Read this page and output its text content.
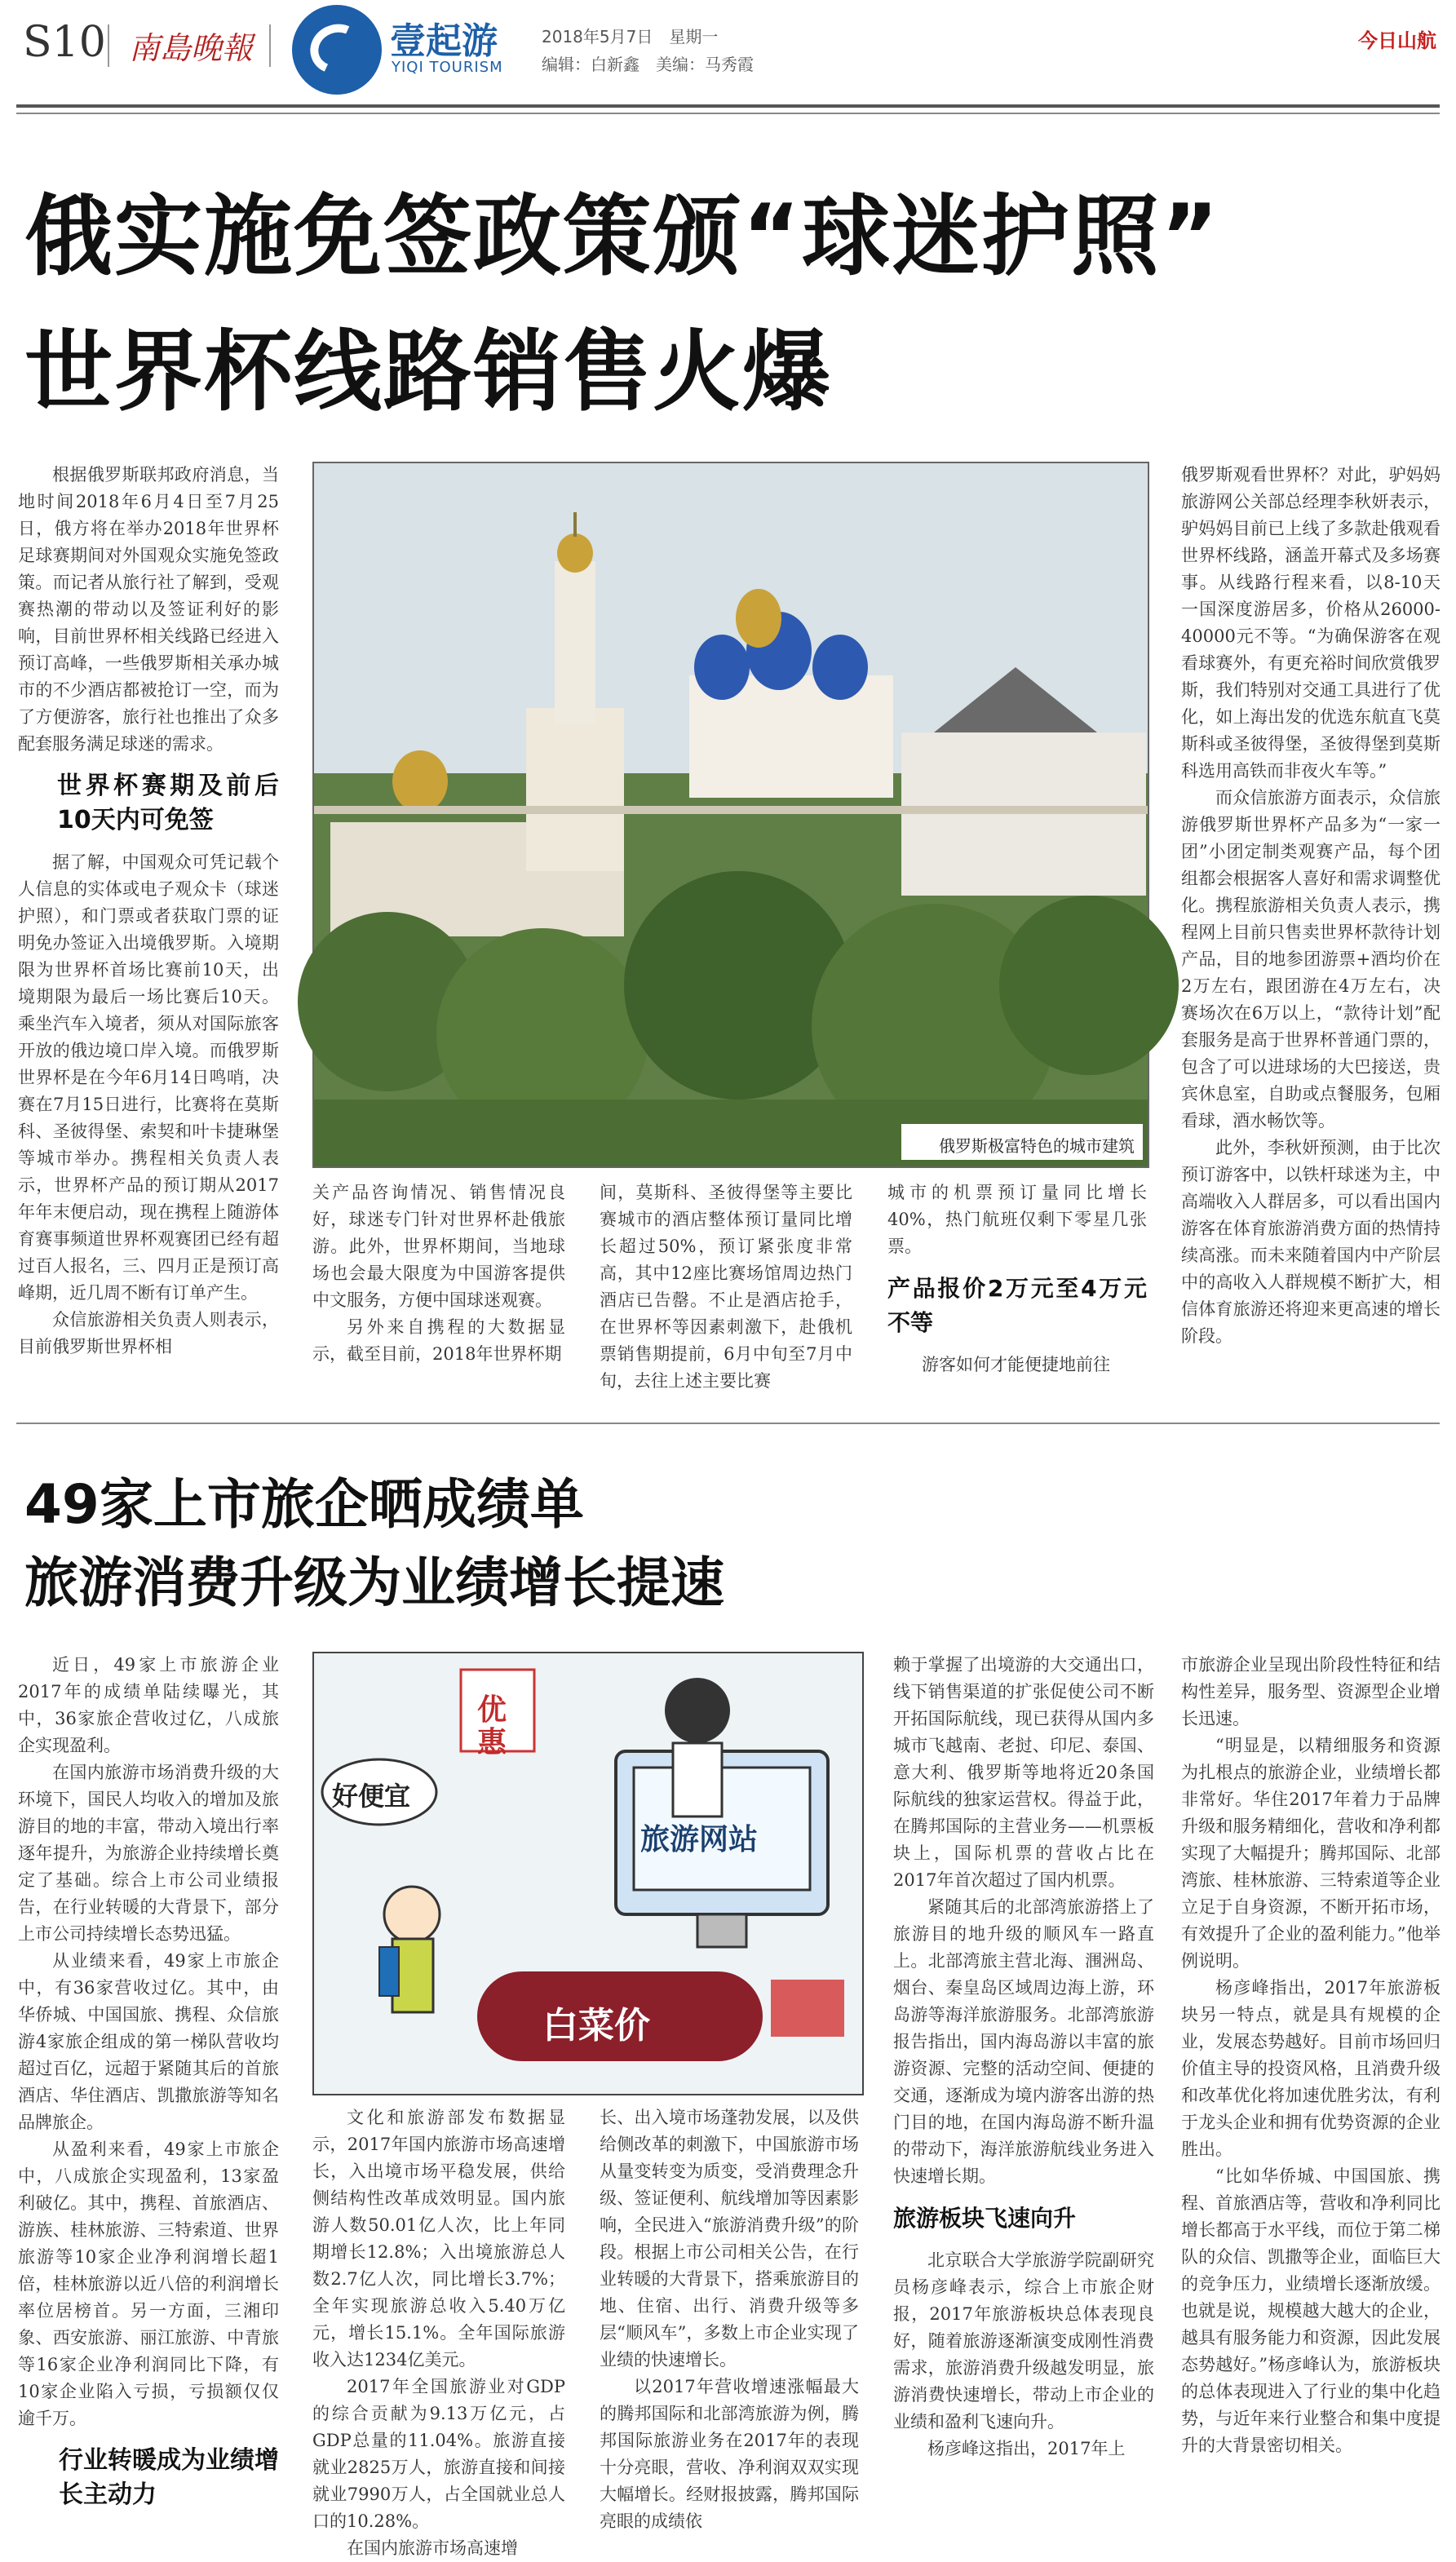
S10 南島晚報	壹起游
YIQI TOURISM
2018年5月7日　星期一
编辑：白新鑫　美编：马秀霞
今日山航
俄实施免签政策颁“球迷护照”
世界杯线路销售火爆

根据俄罗斯联邦政府消息，当地时间2018年6月4日至7月25日，俄方将在举办2018年世界杯足球赛期间对外国观众实施免签政策。而记者从旅行社了解到，受观赛热潮的带动以及签证利好的影响，目前世界杯相关线路已经进入预订高峰，一些俄罗斯相关承办城市的不少酒店都被抢订一空，而为了方便游客，旅行社也推出了众多配套服务满足球迷的需求。

世界杯赛期及前后10天内可免签

据了解，中国观众可凭记载个人信息的实体或电子观众卡（球迷护照），和门票或者获取门票的证明免办签证入出境俄罗斯。入境期限为世界杯首场比赛前10天，出境期限为最后一场比赛后10天。乘坐汽车入境者，须从对国际旅客开放的俄边境口岸入境。而俄罗斯世界杯是在今年6月14日鸣哨，决赛在7月15日进行，比赛将在莫斯科、圣彼得堡、索契和叶卡捷琳堡等城市举办。携程相关负责人表示，世界杯产品的预订期从2017年年末便启动，现在携程上随游体育赛事频道世界杯观赛团已经有超过百人报名，三、四月正是预订高峰期，近几周不断有订单产生。

众信旅游相关负责人则表示，目前俄罗斯世界杯相

俄罗斯极富特色的城市建筑

关产品咨询情况、销售情况良好，球迷专门针对世界杯赴俄旅游。此外，世界杯期间，当地球场也会最大限度为中国游客提供中文服务，方便中国球迷观赛。

另外来自携程的大数据显示，截至目前，2018年世界杯期

间，莫斯科、圣彼得堡等主要比赛城市的酒店整体预订量同比增长超过50%，预订紧张度非常高，其中12座比赛场馆周边热门酒店已告罄。不止是酒店抢手，在世界杯等因素刺激下，赴俄机票销售期提前，6月中旬至7月中旬，去往上述主要比赛

城市的机票预订量同比增长40%，热门航班仅剩下零星几张票。

产品报价2万元至4万元不等

游客如何才能便捷地前往

俄罗斯观看世界杯？对此，驴妈妈旅游网公关部总经理李秋妍表示，驴妈妈目前已上线了多款赴俄观看世界杯线路，涵盖开幕式及多场赛事。从线路行程来看，以8-10天一国深度游居多，价格从26000-40000元不等。“为确保游客在观看球赛外，有更充裕时间欣赏俄罗斯，我们特别对交通工具进行了优化，如上海出发的优选东航直飞莫斯科或圣彼得堡，圣彼得堡到莫斯科选用高铁而非夜火车等。”

而众信旅游方面表示，众信旅游俄罗斯世界杯产品多为“一家一团”小团定制类观赛产品，每个团组都会根据客人喜好和需求调整优化。携程旅游相关负责人表示，携程网上目前只售卖世界杯款待计划产品，目的地参团游票+酒均价在2万左右，跟团游在4万左右，决赛场次在6万以上，“款待计划”配套服务是高于世界杯普通门票的，包含了可以进球场的大巴接送，贵宾休息室，自助或点餐服务，包厢看球，酒水畅饮等。

此外，李秋妍预测，由于比次预订游客中，以铁杆球迷为主，中高端收入人群居多，可以看出国内游客在体育旅游消费方面的热情持续高涨。而未来随着国内中产阶层中的高收入人群规模不断扩大，相信体育旅游还将迎来更高速的增长阶段。

49家上市旅企晒成绩单
旅游消费升级为业绩增长提速

近日，49家上市旅游企业2017年的成绩单陆续曝光，其中，36家旅企营收过亿，八成旅企实现盈利。

在国内旅游市场消费升级的大环境下，国民人均收入的增加及旅游目的地的丰富，带动入境出行率逐年提升，为旅游企业持续增长奠定了基础。综合上市公司业绩报告，在行业转暖的大背景下，部分上市公司持续增长态势迅猛。

从业绩来看，49家上市旅企中，有36家营收过亿。其中，由华侨城、中国国旅、携程、众信旅游4家旅企组成的第一梯队营收均超过百亿，远超于紧随其后的首旅酒店、华住酒店、凯撒旅游等知名品牌旅企。

从盈利来看，49家上市旅企中，八成旅企实现盈利，13家盈利破亿。其中，携程、首旅酒店、游族、桂林旅游、三特索道、世界旅游等10家企业净利润增长超1倍，桂林旅游以近八倍的利润增长率位居榜首。另一方面，三湘印象、西安旅游、丽江旅游、中青旅等16家企业净利润同比下降，有10家企业陷入亏损，亏损额仅仅逾千万。

行业转暖成为业绩增长主动力
优惠
好便宜
旅游网站
白菜价

文化和旅游部发布数据显示，2017年国内旅游市场高速增长，入出境市场平稳发展，供给侧结构性改革成效明显。国内旅游人数50.01亿人次，比上年同期增长12.8%；入出境旅游总人数2.7亿人次，同比增长3.7%；全年实现旅游总收入5.40万亿元，增长15.1%。全年国际旅游收入达1234亿美元。

2017年全国旅游业对GDP的综合贡献为9.13万亿元，占GDP总量的11.04%。旅游直接就业2825万人，旅游直接和间接就业7990万人，占全国就业总人口的10.28%。

在国内旅游市场高速增

长、出入境市场蓬勃发展，以及供给侧改革的刺激下，中国旅游市场从量变转变为质变，受消费理念升级、签证便利、航线增加等因素影响，全民进入“旅游消费升级”的阶段。根据上市公司相关公告，在行业转暖的大背景下，搭乘旅游目的地、住宿、出行、消费升级等多层“顺风车”，多数上市企业实现了业绩的快速增长。

以2017年营收增速涨幅最大的腾邦国际和北部湾旅游为例，腾邦国际旅游业务在2017年的表现十分亮眼，营收、净利润双双实现大幅增长。经财报披露，腾邦国际亮眼的成绩依

赖于掌握了出境游的大交通出口，线下销售渠道的扩张促使公司不断开拓国际航线，现已获得从国内多城市飞越南、老挝、印尼、泰国、意大利、俄罗斯等地将近20条国际航线的独家运营权。得益于此，在腾邦国际的主营业务——机票板块上，国际机票的营收占比在2017年首次超过了国内机票。

紧随其后的北部湾旅游搭上了旅游目的地升级的顺风车一路直上。北部湾旅主营北海、涠洲岛、烟台、秦皇岛区域周边海上游，环岛游等海洋旅游服务。北部湾旅游报告指出，国内海岛游以丰富的旅游资源、完整的活动空间、便捷的交通，逐渐成为境内游客出游的热门目的地，在国内海岛游不断升温的带动下，海洋旅游航线业务进入快速增长期。

旅游板块飞速向升

北京联合大学旅游学院副研究员杨彦峰表示，综合上市旅企财报，2017年旅游板块总体表现良好，随着旅游逐渐演变成刚性消费需求，旅游消费升级越发明显，旅游消费快速增长，带动上市企业的业绩和盈利飞速向升。

杨彦峰这指出，2017年上

市旅游企业呈现出阶段性特征和结构性差异，服务型、资源型企业增长迅速。

“明显是，以精细服务和资源为扎根点的旅游企业，业绩增长都非常好。华住2017年着力于品牌升级和服务精细化，营收和净利都实现了大幅提升；腾邦国际、北部湾旅、桂林旅游、三特索道等企业立足于自身资源，不断开拓市场，有效提升了企业的盈利能力。”他举例说明。

杨彦峰指出，2017年旅游板块另一特点，就是具有规模的企业，发展态势越好。目前市场回归价值主导的投资风格，且消费升级和改革优化将加速优胜劣汰，有利于龙头企业和拥有优势资源的企业胜出。

“比如华侨城、中国国旅、携程、首旅酒店等，营收和净利同比增长都高于水平线，而位于第二梯队的众信、凯撒等企业，面临巨大的竞争压力，业绩增长逐渐放缓。也就是说，规模越大越大的企业，越具有服务能力和资源，因此发展态势越好。”杨彦峰认为，旅游板块的总体表现进入了行业的集中化趋势，与近年来行业整合和集中度提升的大背景密切相关。
